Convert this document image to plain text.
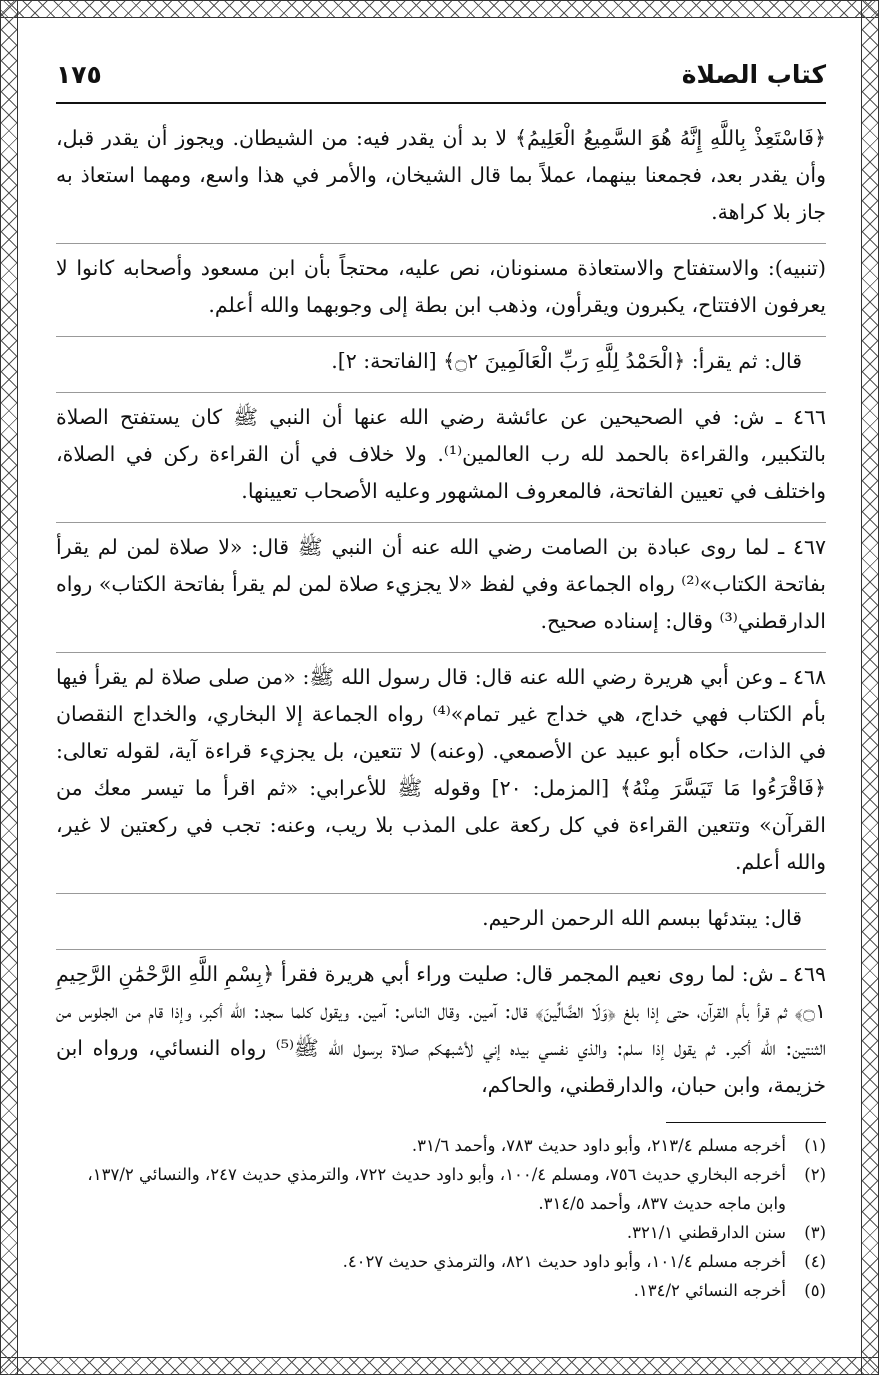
كتاب الصلاة
١٧٥

﴿فَاسْتَعِذْ بِاللَّهِ إِنَّهُ هُوَ السَّمِيعُ الْعَلِيمُ﴾ لا بد أن يقدر فيه: من الشيطان. ويجوز أن يقدر قبل، وأن يقدر بعد، فجمعنا بينهما، عملاً بما قال الشيخان، والأمر في هذا واسع، ومهما استعاذ به جاز بلا كراهة.

(تنبيه): والاستفتاح والاستعاذة مسنونان، نص عليه، محتجاً بأن ابن مسعود وأصحابه كانوا لا يعرفون الافتتاح، يكبرون ويقرأون، وذهب ابن بطة إلى وجوبهما والله أعلم.

قال: ثم يقرأ: ﴿الْحَمْدُ لِلَّهِ رَبِّ الْعَالَمِينَ ۝٢﴾ [الفاتحة: ٢].

٤٦٦ ـ ش: في الصحيحين عن عائشة رضي الله عنها أن النبي ﷺ كان يستفتح الصلاة بالتكبير، والقراءة بالحمد لله رب العالمين⁽¹⁾. ولا خلاف في أن القراءة ركن في الصلاة، واختلف في تعيين الفاتحة، فالمعروف المشهور وعليه الأصحاب تعيينها.

٤٦٧ ـ لما روى عبادة بن الصامت رضي الله عنه أن النبي ﷺ قال: «لا صلاة لمن لم يقرأ بفاتحة الكتاب»⁽²⁾ رواه الجماعة وفي لفظ «لا يجزيء صلاة لمن لم يقرأ بفاتحة الكتاب» رواه الدارقطني⁽³⁾ وقال: إسناده صحيح.

٤٦٨ ـ وعن أبي هريرة رضي الله عنه قال: قال رسول الله ﷺ: «من صلى صلاة لم يقرأ فيها بأم الكتاب فهي خداج، هي خداج غير تمام»⁽⁴⁾ رواه الجماعة إلا البخاري، والخداج النقصان في الذات، حكاه أبو عبيد عن الأصمعي. (وعنه) لا تتعين، بل يجزيء قراءة آية، لقوله تعالى: ﴿فَاقْرَءُوا مَا تَيَسَّرَ مِنْهُ﴾ [المزمل: ٢٠] وقوله ﷺ للأعرابي: «ثم اقرأ ما تيسر معك من القرآن» وتتعين القراءة في كل ركعة على المذب بلا ريب، وعنه: تجب في ركعتين لا غير، والله أعلم.

قال: يبتدئها ببسم الله الرحمن الرحيم.

٤٦٩ ـ ش: لما روى نعيم المجمر قال: صليت وراء أبي هريرة فقرأ ﴿بِسْمِ اللَّهِ الرَّحْمَٰنِ الرَّحِيمِ ۝١﴾ ثم قرأ بأم القرآن، حتى إذا بلغ ﴿وَلَا الضَّالِّينَ﴾ قال: آمين. وقال الناس: آمين. ويقول كلما سجد: الله أكبر، وإذا قام من الجلوس من الثنتين: الله أكبر. ثم يقول إذا سلم: والذي نفسي بيده إني لأشبهكم صلاة برسول الله ﷺ⁽⁵⁾ رواه النسائي، ورواه ابن خزيمة، وابن حبان، والدارقطني، والحاكم،

(١)
أخرجه مسلم ٢١٣/٤، وأبو داود حديث ٧٨٣، وأحمد ٣١/٦.
(٢)
أخرجه البخاري حديث ٧٥٦، ومسلم ١٠٠/٤، وأبو داود حديث ٧٢٢، والترمذي حديث ٢٤٧، والنسائي ١٣٧/٢، وابن ماجه حديث ٨٣٧، وأحمد ٣١٤/٥.
(٣)
سنن الدارقطني ٣٢١/١.
(٤)
أخرجه مسلم ١٠١/٤، وأبو داود حديث ٨٢١، والترمذي حديث ٤٠٢٧.
(٥)
أخرجه النسائي ١٣٤/٢.
